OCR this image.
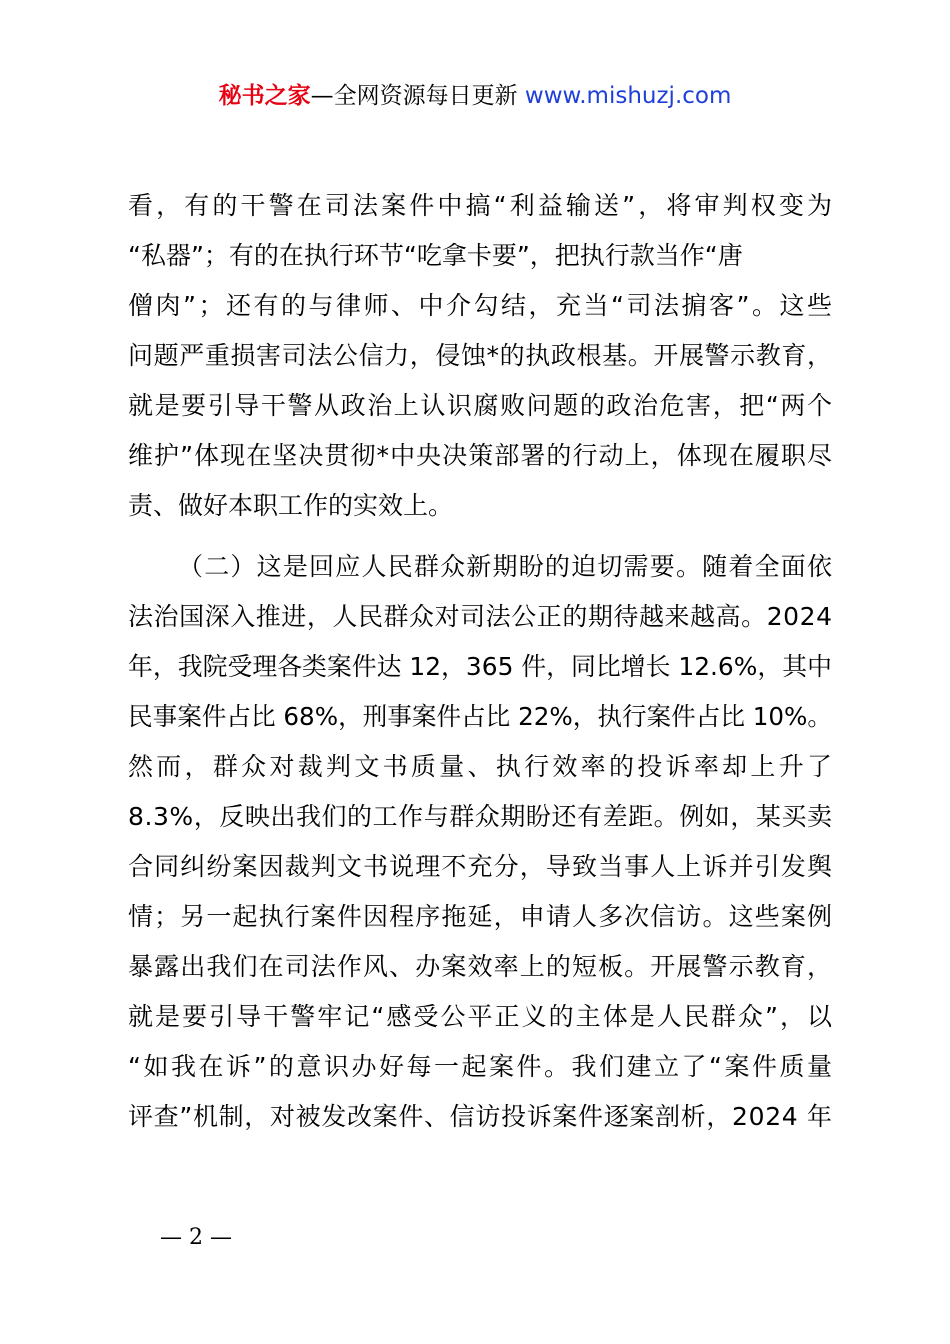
秘书之家—全网资源每日更新 www.mishuzj.com
看，有的干警在司法案件中搞“利益输送”，将审判权变为
“私器”；有的在执行环节“吃拿卡要”，把执行款当作“唐
僧肉”；还有的与律师、中介勾结，充当“司法掮客”。这些
问题严重损害司法公信力，侵蚀*的执政根基。开展警示教育，
就是要引导干警从政治上认识腐败问题的政治危害，把“两个
维护”体现在坚决贯彻*中央决策部署的行动上，体现在履职尽
责、做好本职工作的实效上。
（二）这是回应人民群众新期盼的迫切需要。随着全面依
法治国深入推进，人民群众对司法公正的期待越来越高。2024
年，我院受理各类案件达 12，365 件，同比增长 12.6%，其中
民事案件占比 68%，刑事案件占比 22%，执行案件占比 10%。
然而，群众对裁判文书质量、执行效率的投诉率却上升了
8.3%，反映出我们的工作与群众期盼还有差距。例如，某买卖
合同纠纷案因裁判文书说理不充分，导致当事人上诉并引发舆
情；另一起执行案件因程序拖延，申请人多次信访。这些案例
暴露出我们在司法作风、办案效率上的短板。开展警示教育，
就是要引导干警牢记“感受公平正义的主体是人民群众”，以
“如我在诉”的意识办好每一起案件。我们建立了“案件质量
评查”机制，对被发改案件、信访投诉案件逐案剖析，2024 年
— 2 —
